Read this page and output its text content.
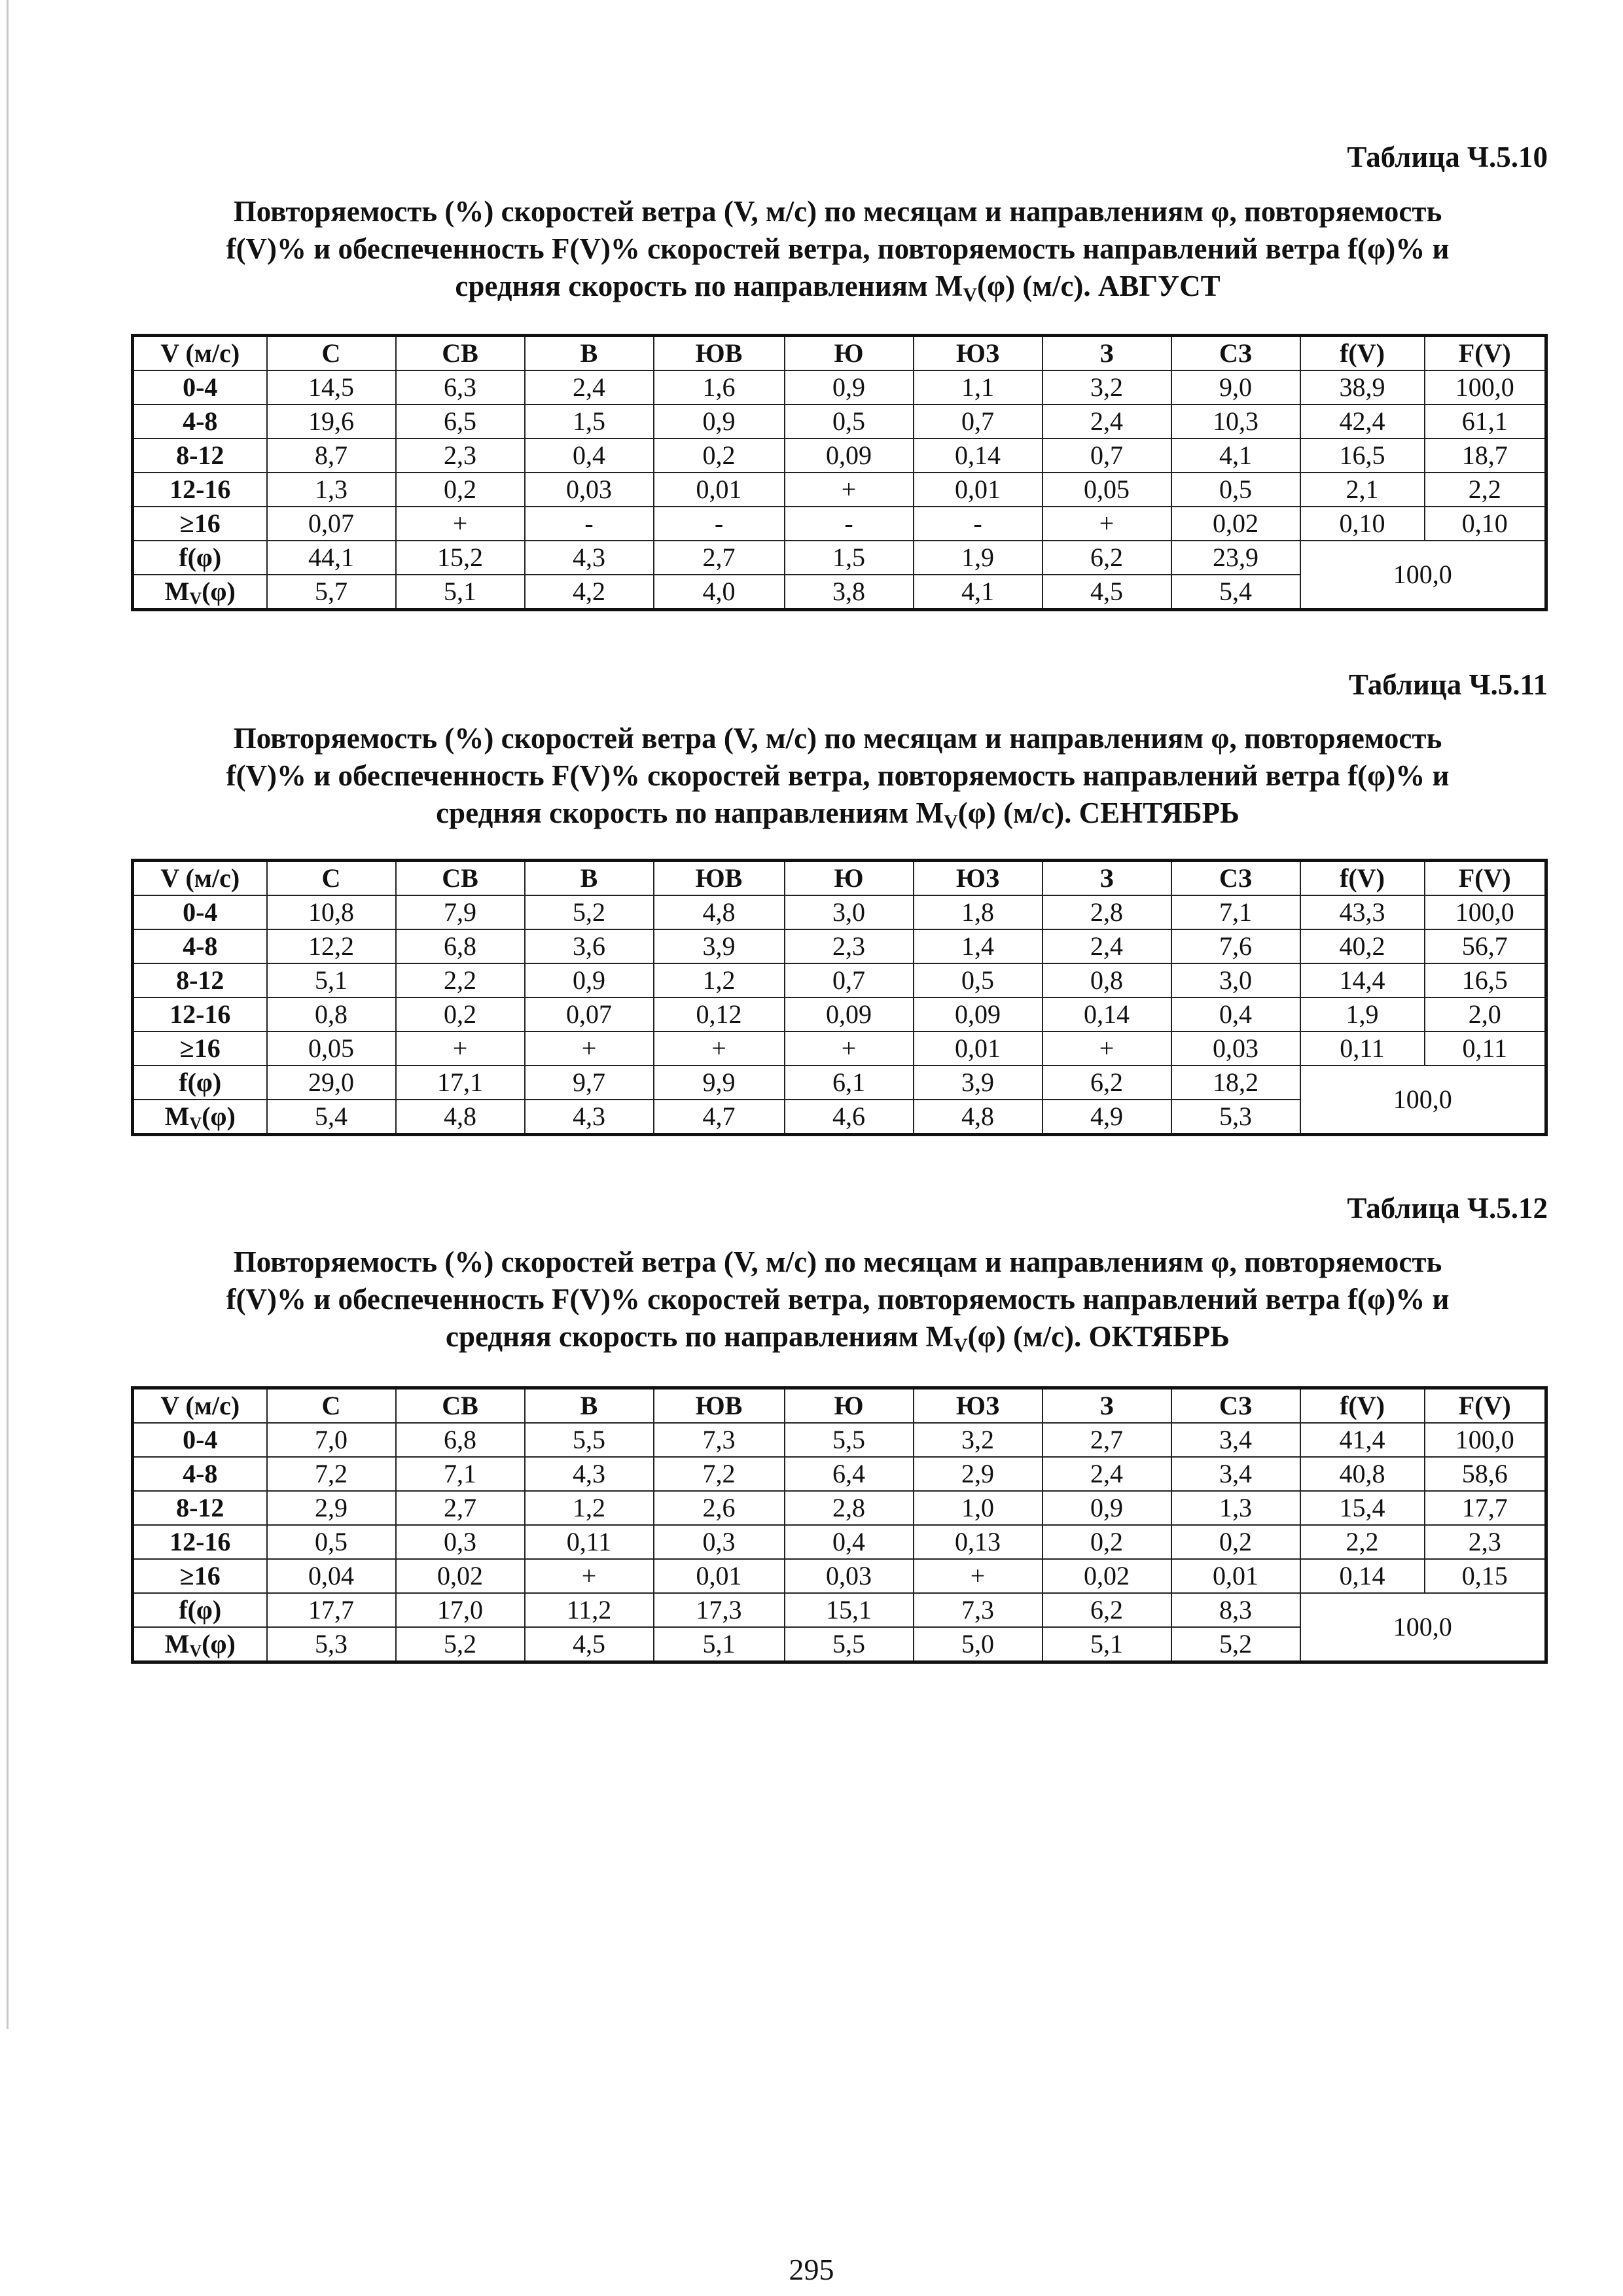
Таблица Ч.5.10
Повторяемость (%) скоростей ветра (V, м/с) по месяцам и направлениям φ, повторяемость
f(V)% и обеспеченность F(V)% скоростей ветра, повторяемость направлений ветра f(φ)% и
средняя скорость по направлениям $M_V(\varphi)$ (м/с). АВГУСТ
V (м/с)	С	СВ	В	ЮВ	Ю	ЮЗ	З	СЗ	f(V)	F(V)
0-4	14,5	6,3	2,4	1,6	0,9	1,1	3,2	9,0	38,9	100,0
4-8	19,6	6,5	1,5	0,9	0,5	0,7	2,4	10,3	42,4	61,1
8-12	8,7	2,3	0,4	0,2	0,09	0,14	0,7	4,1	16,5	18,7
12-16	1,3	0,2	0,03	0,01	+	0,01	0,05	0,5	2,1	2,2
≥16	0,07	+	-	-	-	-	+	0,02	0,10	0,10
f(φ)	44,1	15,2	4,3	2,7	1,5	1,9	6,2	23,9	100,0	
$M_V(\varphi)$	5,7	5,1	4,2	4,0	3,8	4,1	4,5	5,4		
Таблица Ч.5.11
Повторяемость (%) скоростей ветра (V, м/с) по месяцам и направлениям φ, повторяемость
f(V)% и обеспеченность F(V)% скоростей ветра, повторяемость направлений ветра f(φ)% и
средняя скорость по направлениям $M_V(\varphi)$ (м/с). СЕНТЯБРЬ
V (м/с)	С	СВ	В	ЮВ	Ю	ЮЗ	З	СЗ	f(V)	F(V)
0-4	10,8	7,9	5,2	4,8	3,0	1,8	2,8	7,1	43,3	100,0
4-8	12,2	6,8	3,6	3,9	2,3	1,4	2,4	7,6	40,2	56,7
8-12	5,1	2,2	0,9	1,2	0,7	0,5	0,8	3,0	14,4	16,5
12-16	0,8	0,2	0,07	0,12	0,09	0,09	0,14	0,4	1,9	2,0
≥16	0,05	+	+	+	+	0,01	+	0,03	0,11	0,11
f(φ)	29,0	17,1	9,7	9,9	6,1	3,9	6,2	18,2	100,0	
$M_V(\varphi)$	5,4	4,8	4,3	4,7	4,6	4,8	4,9	5,3		
Таблица Ч.5.12
Повторяемость (%) скоростей ветра (V, м/с) по месяцам и направлениям φ, повторяемость
f(V)% и обеспеченность F(V)% скоростей ветра, повторяемость направлений ветра f(φ)% и
средняя скорость по направлениям $M_V(\varphi)$ (м/с). ОКТЯБРЬ
V (м/с)	С	СВ	В	ЮВ	Ю	ЮЗ	З	СЗ	f(V)	F(V)
0-4	7,0	6,8	5,5	7,3	5,5	3,2	2,7	3,4	41,4	100,0
4-8	7,2	7,1	4,3	7,2	6,4	2,9	2,4	3,4	40,8	58,6
8-12	2,9	2,7	1,2	2,6	2,8	1,0	0,9	1,3	15,4	17,7
12-16	0,5	0,3	0,11	0,3	0,4	0,13	0,2	0,2	2,2	2,3
≥16	0,04	0,02	+	0,01	0,03	+	0,02	0,01	0,14	0,15
f(φ)	17,7	17,0	11,2	17,3	15,1	7,3	6,2	8,3	100,0	
$M_V(\varphi)$	5,3	5,2	4,5	5,1	5,5	5,0	5,1	5,2		
295
